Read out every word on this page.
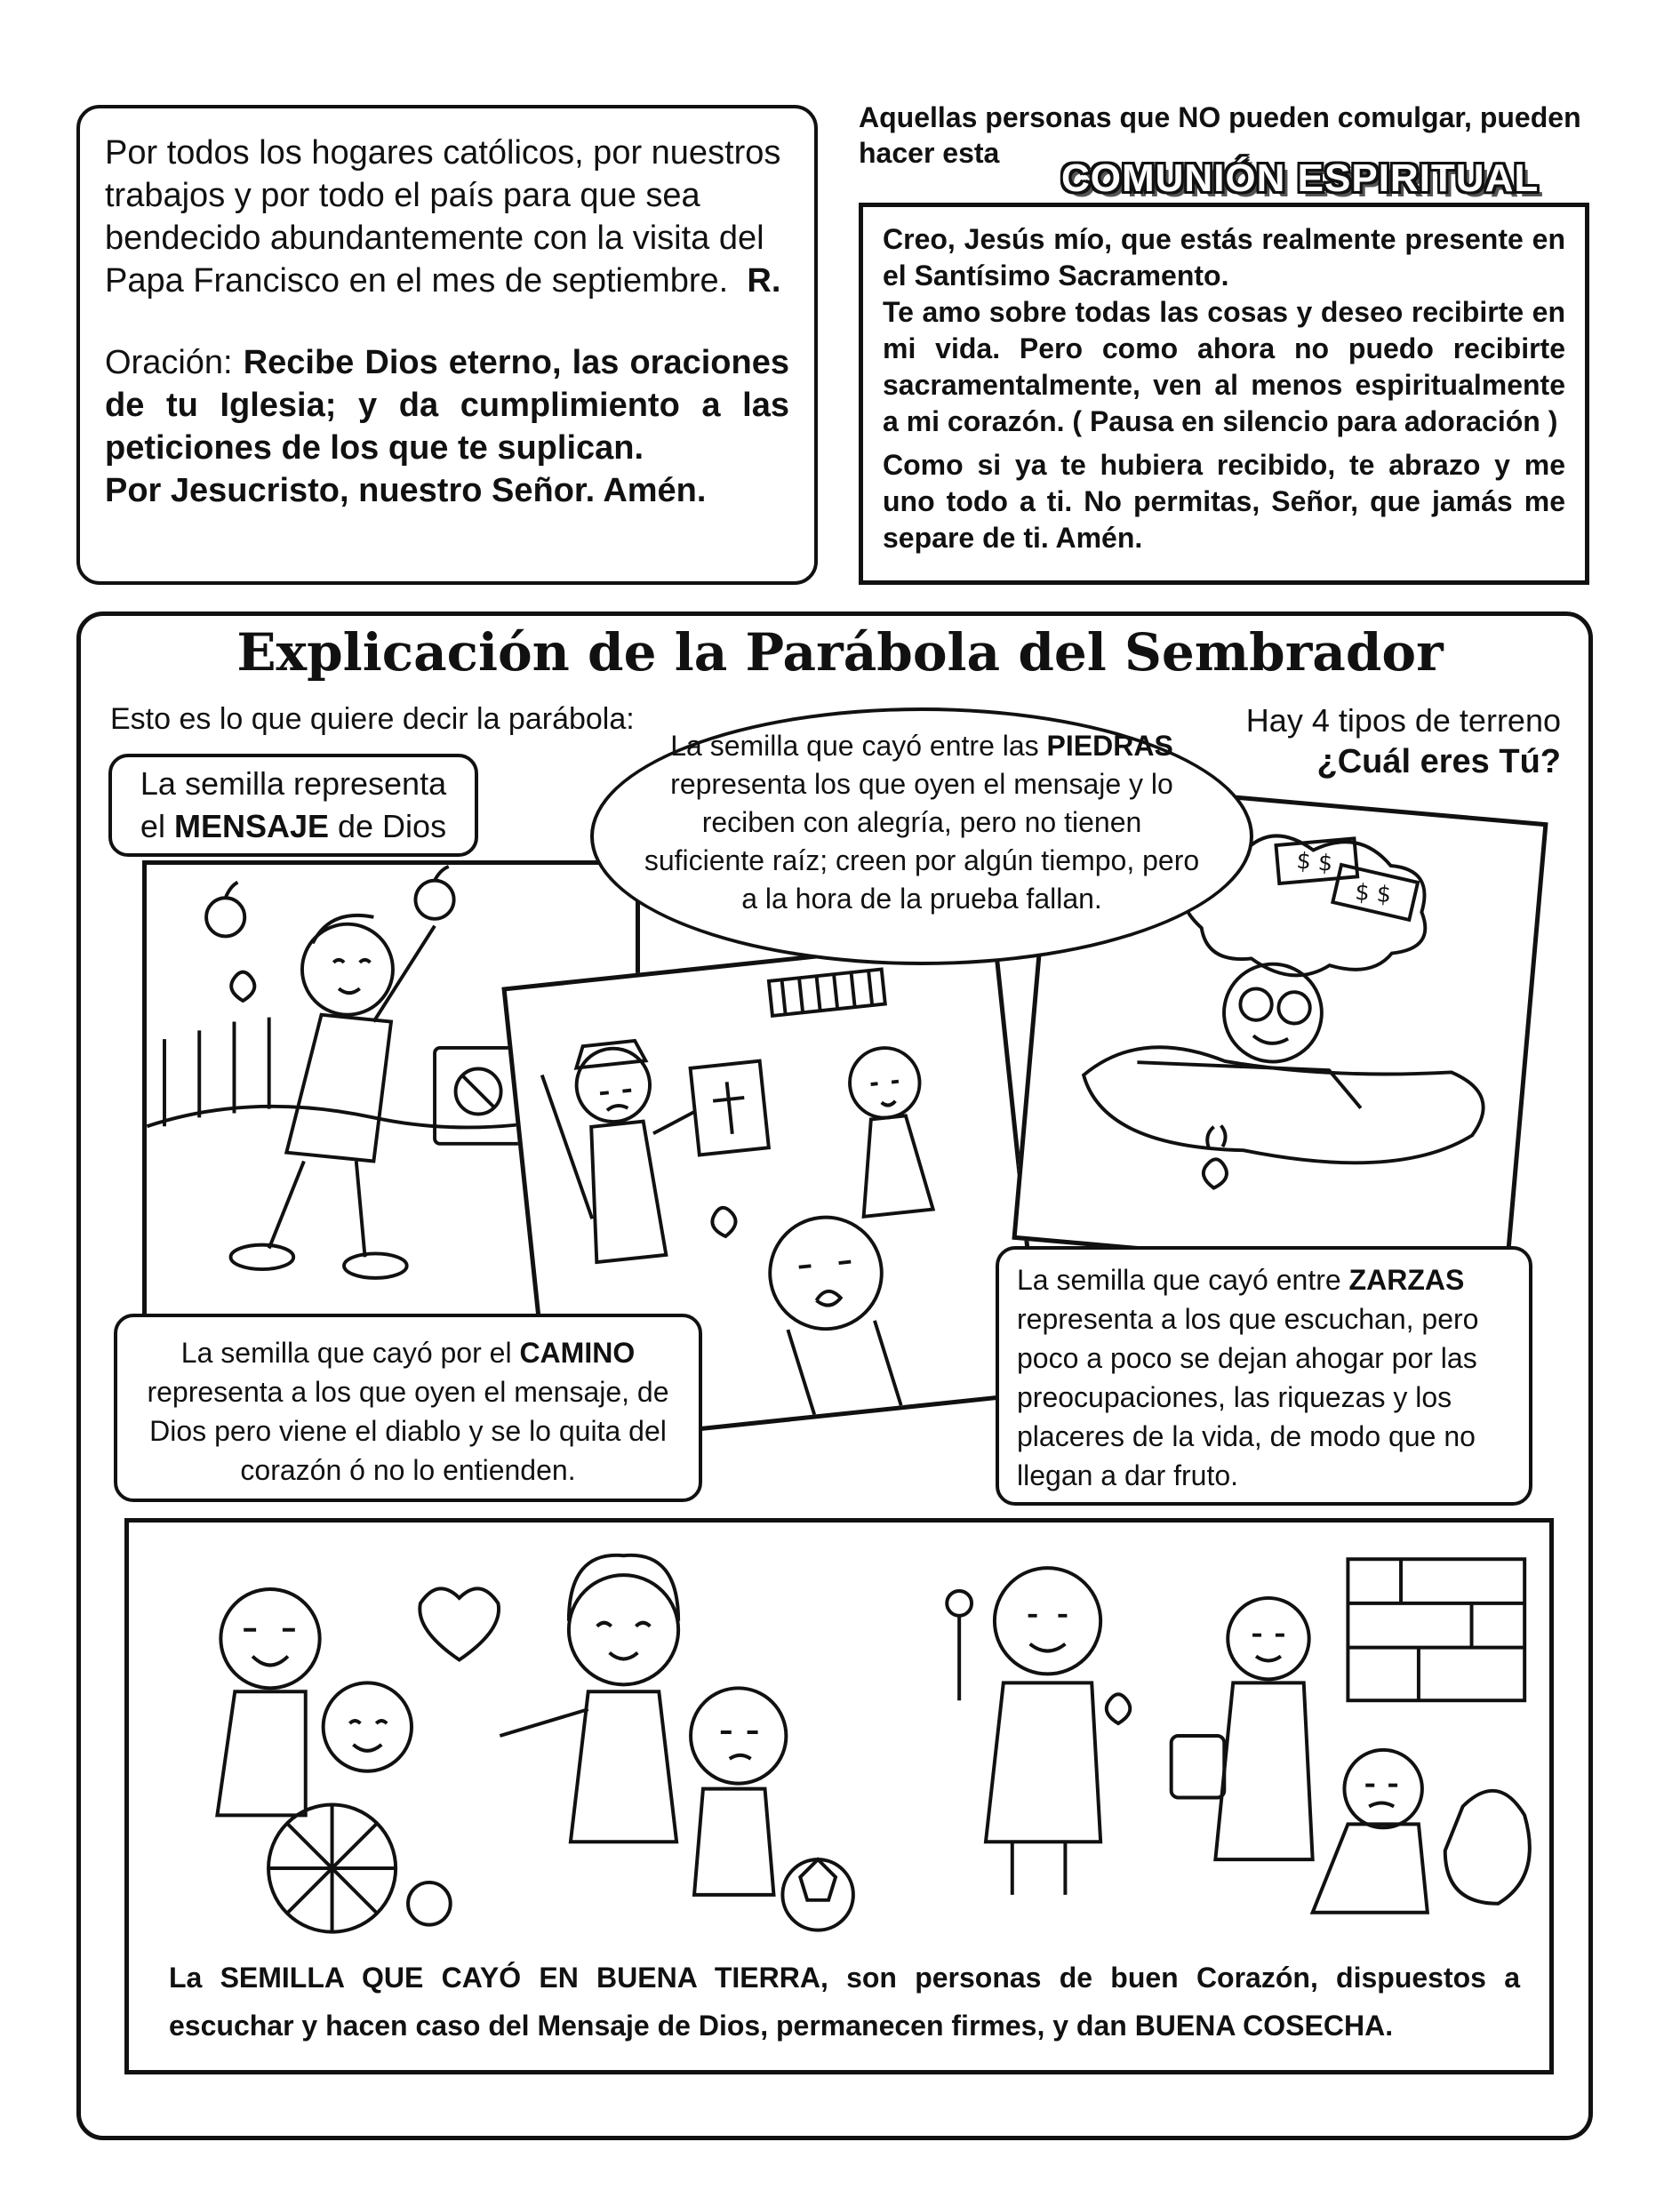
Por todos los hogares católicos, por nuestros trabajos y por todo el país para que sea bendecido abundantemente con la visita del Papa Francisco en el mes de septiembre. R.

Oración: Recibe Dios eterno, las oraciones de tu Iglesia; y da cumplimiento a las peticiones de los que te suplican.

Por Jesucristo, nuestro Señor. Amén.

Aquellas personas que NO pueden comulgar, pueden hacer esta
COMUNIÓN ESPIRITUAL

Creo, Jesús mío, que estás realmente presente en el Santísimo Sacramento.

Te amo sobre todas las cosas y deseo recibirte en mi vida. Pero como ahora no puedo recibirte sacramentalmente, ven al menos espiritualmente a mi corazón. ( Pausa en silencio para adoración )

Como si ya te hubiera recibido, te abrazo y me uno todo a ti. No permitas, Señor, que jamás me separe de ti. Amén.

Explicación de la Parábola del Sembrador
Esto es lo que quiere decir la parábola:	Hay 4 tipos de terreno
¿Cuál eres Tú?
$ $
$ $
La semilla representa
el MENSAJE de Dios
La semilla que cayó entre las PIEDRAS representa los que oyen el mensaje y lo reciben con alegría, pero no tienen suficiente raíz; creen por algún tiempo, pero a la hora de la prueba fallan.
La semilla que cayó por el CAMINO representa a los que oyen el mensaje, de Dios pero viene el diablo y se lo quita del corazón ó no lo entienden.
La semilla que cayó entre ZARZAS representa a los que escuchan, pero poco a poco se dejan ahogar por las preocupaciones, las riquezas y los placeres de la vida, de modo que no llegan a dar fruto.
La SEMILLA QUE CAYÓ EN BUENA TIERRA, son personas de buen Corazón, dispuestos a escuchar y hacen caso del Mensaje de Dios, permanecen firmes, y dan BUENA COSECHA.
